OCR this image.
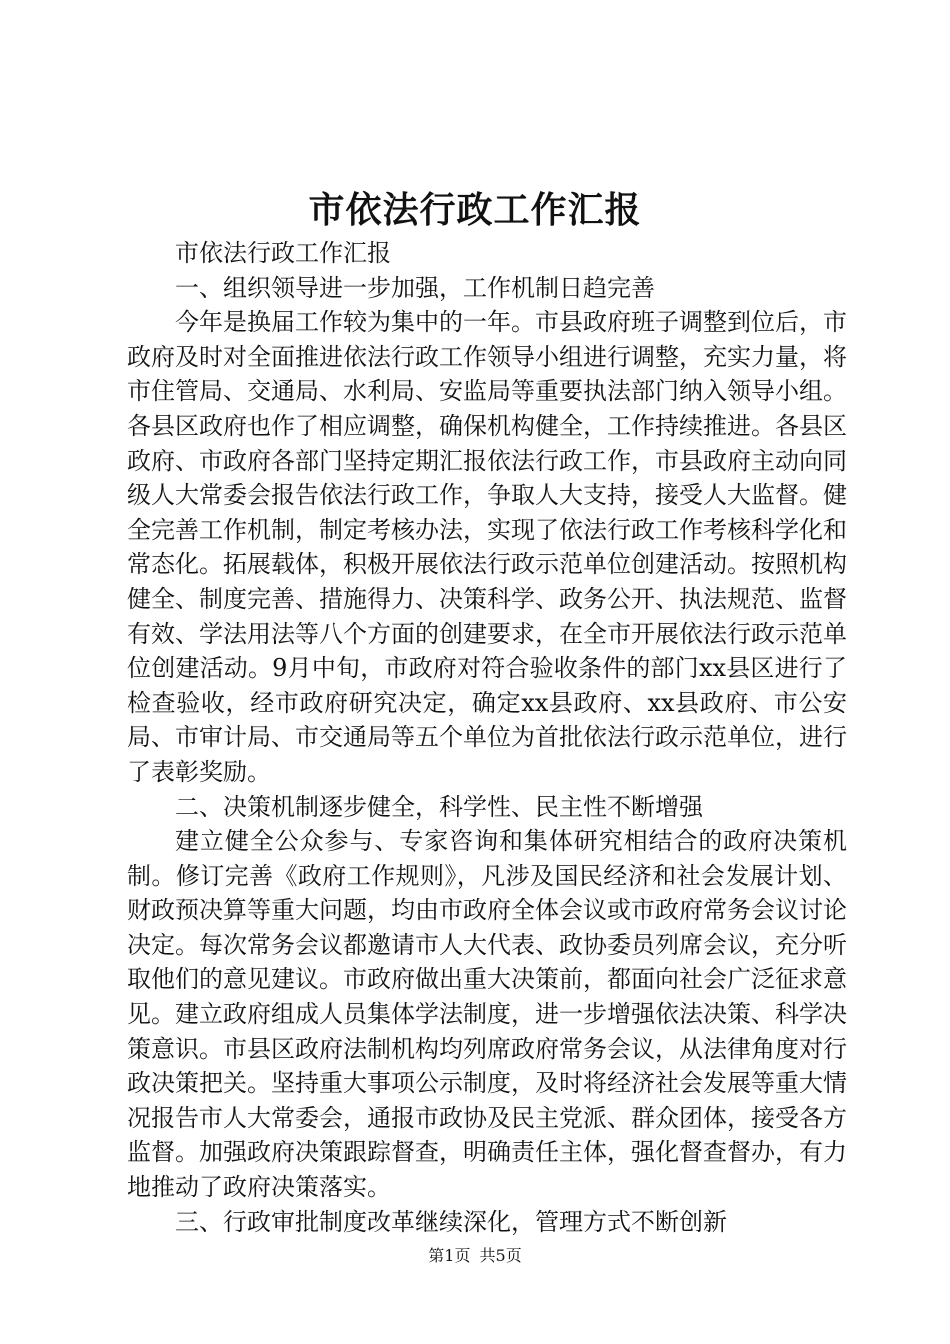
市依法行政工作汇报

市依法行政工作汇报

一、组织领导进一步加强，工作机制日趋完善

今年是换届工作较为集中的一年。市县政府班子调整到位后，市政府及时对全面推进依法行政工作领导小组进行调整，充实力量，将市住管局、交通局、水利局、安监局等重要执法部门纳入领导小组。各县区政府也作了相应调整，确保机构健全，工作持续推进。各县区政府、市政府各部门坚持定期汇报依法行政工作，市县政府主动向同级人大常委会报告依法行政工作，争取人大支持，接受人大监督。健全完善工作机制，制定考核办法，实现了依法行政工作考核科学化和常态化。拓展载体，积极开展依法行政示范单位创建活动。按照机构健全、制度完善、措施得力、决策科学、政务公开、执法规范、监督有效、学法用法等八个方面的创建要求，在全市开展依法行政示范单位创建活动。9月中旬，市政府对符合验收条件的部门xx县区进行了检查验收，经市政府研究决定，确定xx县政府、xx县政府、市公安局、市审计局、市交通局等五个单位为首批依法行政示范单位，进行了表彰奖励。

二、决策机制逐步健全，科学性、民主性不断增强

建立健全公众参与、专家咨询和集体研究相结合的政府决策机制。修订完善《政府工作规则》，凡涉及国民经济和社会发展计划、财政预决算等重大问题，均由市政府全体会议或市政府常务会议讨论决定。每次常务会议都邀请市人大代表、政协委员列席会议，充分听取他们的意见建议。市政府做出重大决策前，都面向社会广泛征求意见。建立政府组成人员集体学法制度，进一步增强依法决策、科学决策意识。市县区政府法制机构均列席政府常务会议，从法律角度对行政决策把关。坚持重大事项公示制度，及时将经济社会发展等重大情况报告市人大常委会，通报市政协及民主党派、群众团体，接受各方监督。加强政府决策跟踪督查，明确责任主体，强化督查督办，有力地推动了政府决策落实。

三、行政审批制度改革继续深化，管理方式不断创新

第1页 共5页
